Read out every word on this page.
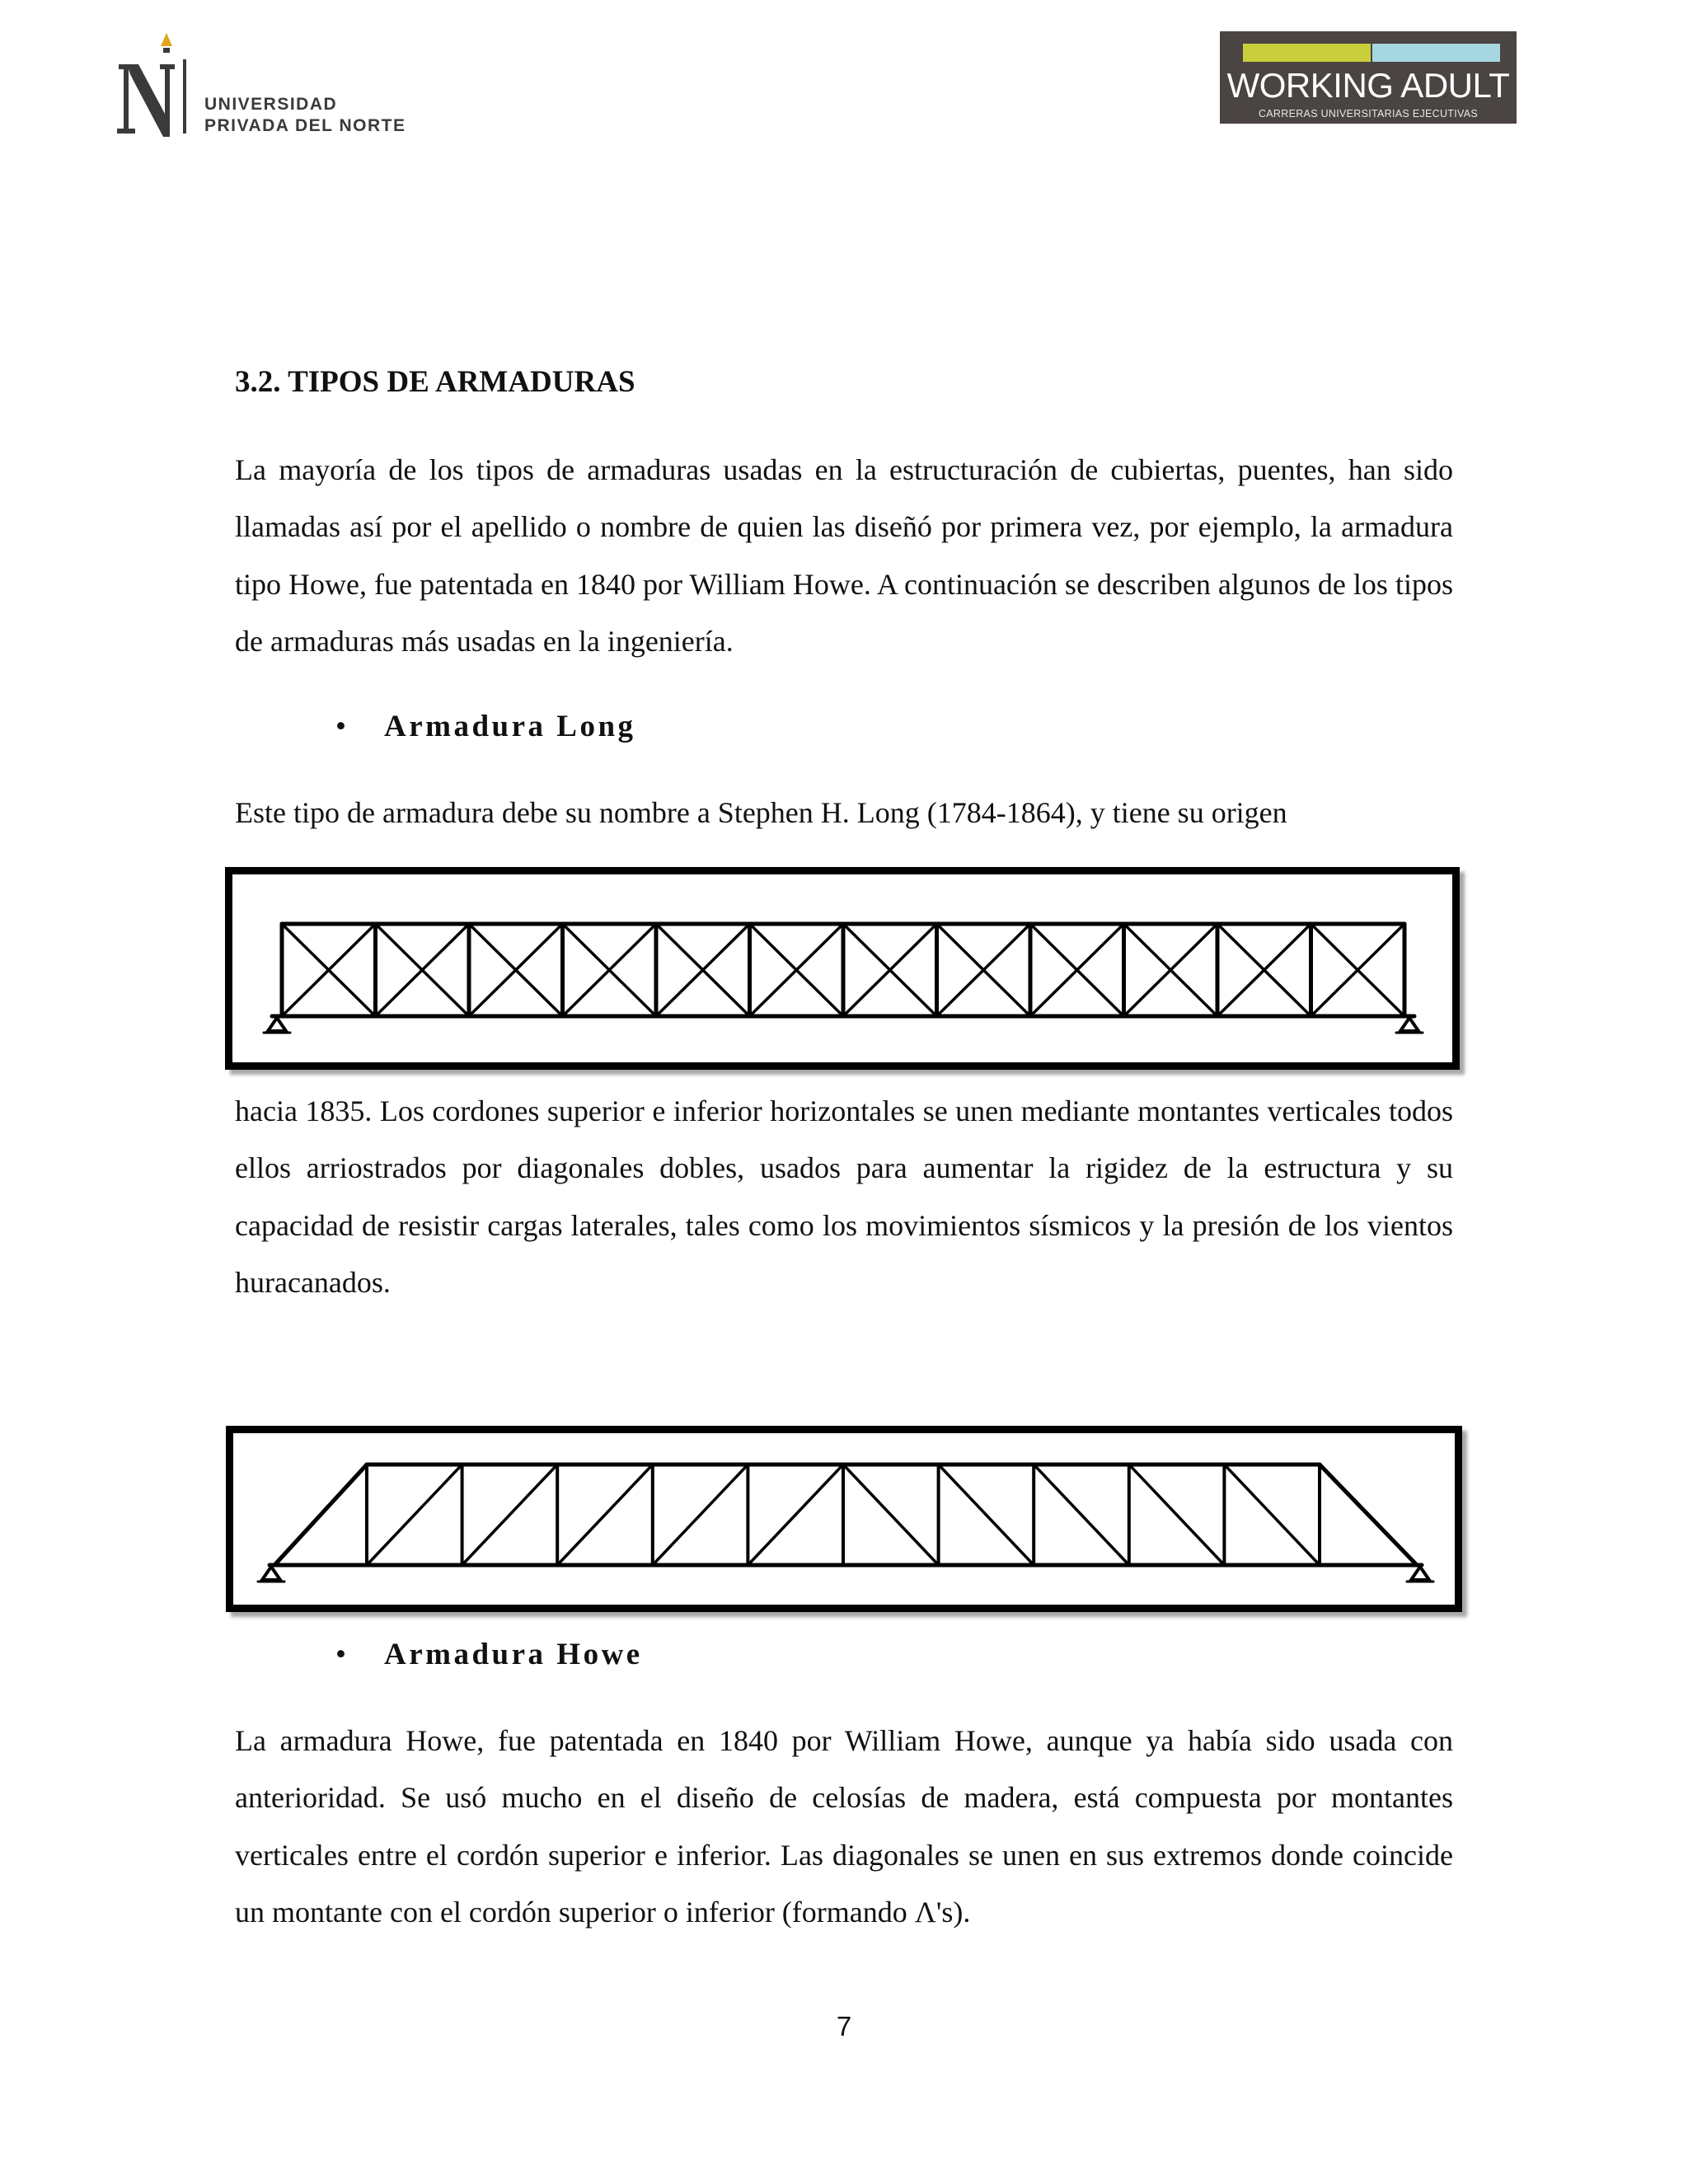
UNIVERSIDAD
PRIVADA DEL NORTE
WORKING ADULT
CARRERAS UNIVERSITARIAS EJECUTIVAS
3.2. TIPOS DE ARMADURAS

La mayoría de los tipos de armaduras usadas en la estructuración de cubiertas, puentes, han sido llamadas así por el apellido o nombre de quien las diseñó por primera vez, por ejemplo, la armadura tipo Howe, fue patentada en 1840 por William Howe. A continuación se describen algunos de los tipos de armaduras más usadas en la ingeniería.

• Armadura Long

Este tipo de armadura debe su nombre a Stephen H. Long (1784-1864), y tiene su origen

hacia 1835. Los cordones superior e inferior horizontales se unen mediante montantes verticales todos ellos arriostrados por diagonales dobles, usados para aumentar la rigidez de la estructura y su capacidad de resistir cargas laterales, tales como los movimientos sísmicos y la presión de los vientos huracanados.

• Armadura Howe

La armadura Howe, fue patentada en 1840 por William Howe, aunque ya había sido usada con anterioridad. Se usó mucho en el diseño de celosías de madera, está compuesta por montantes verticales entre el cordón superior e inferior. Las diagonales se unen en sus extremos donde coincide un montante con el cordón superior o inferior (formando Λ's).

7
